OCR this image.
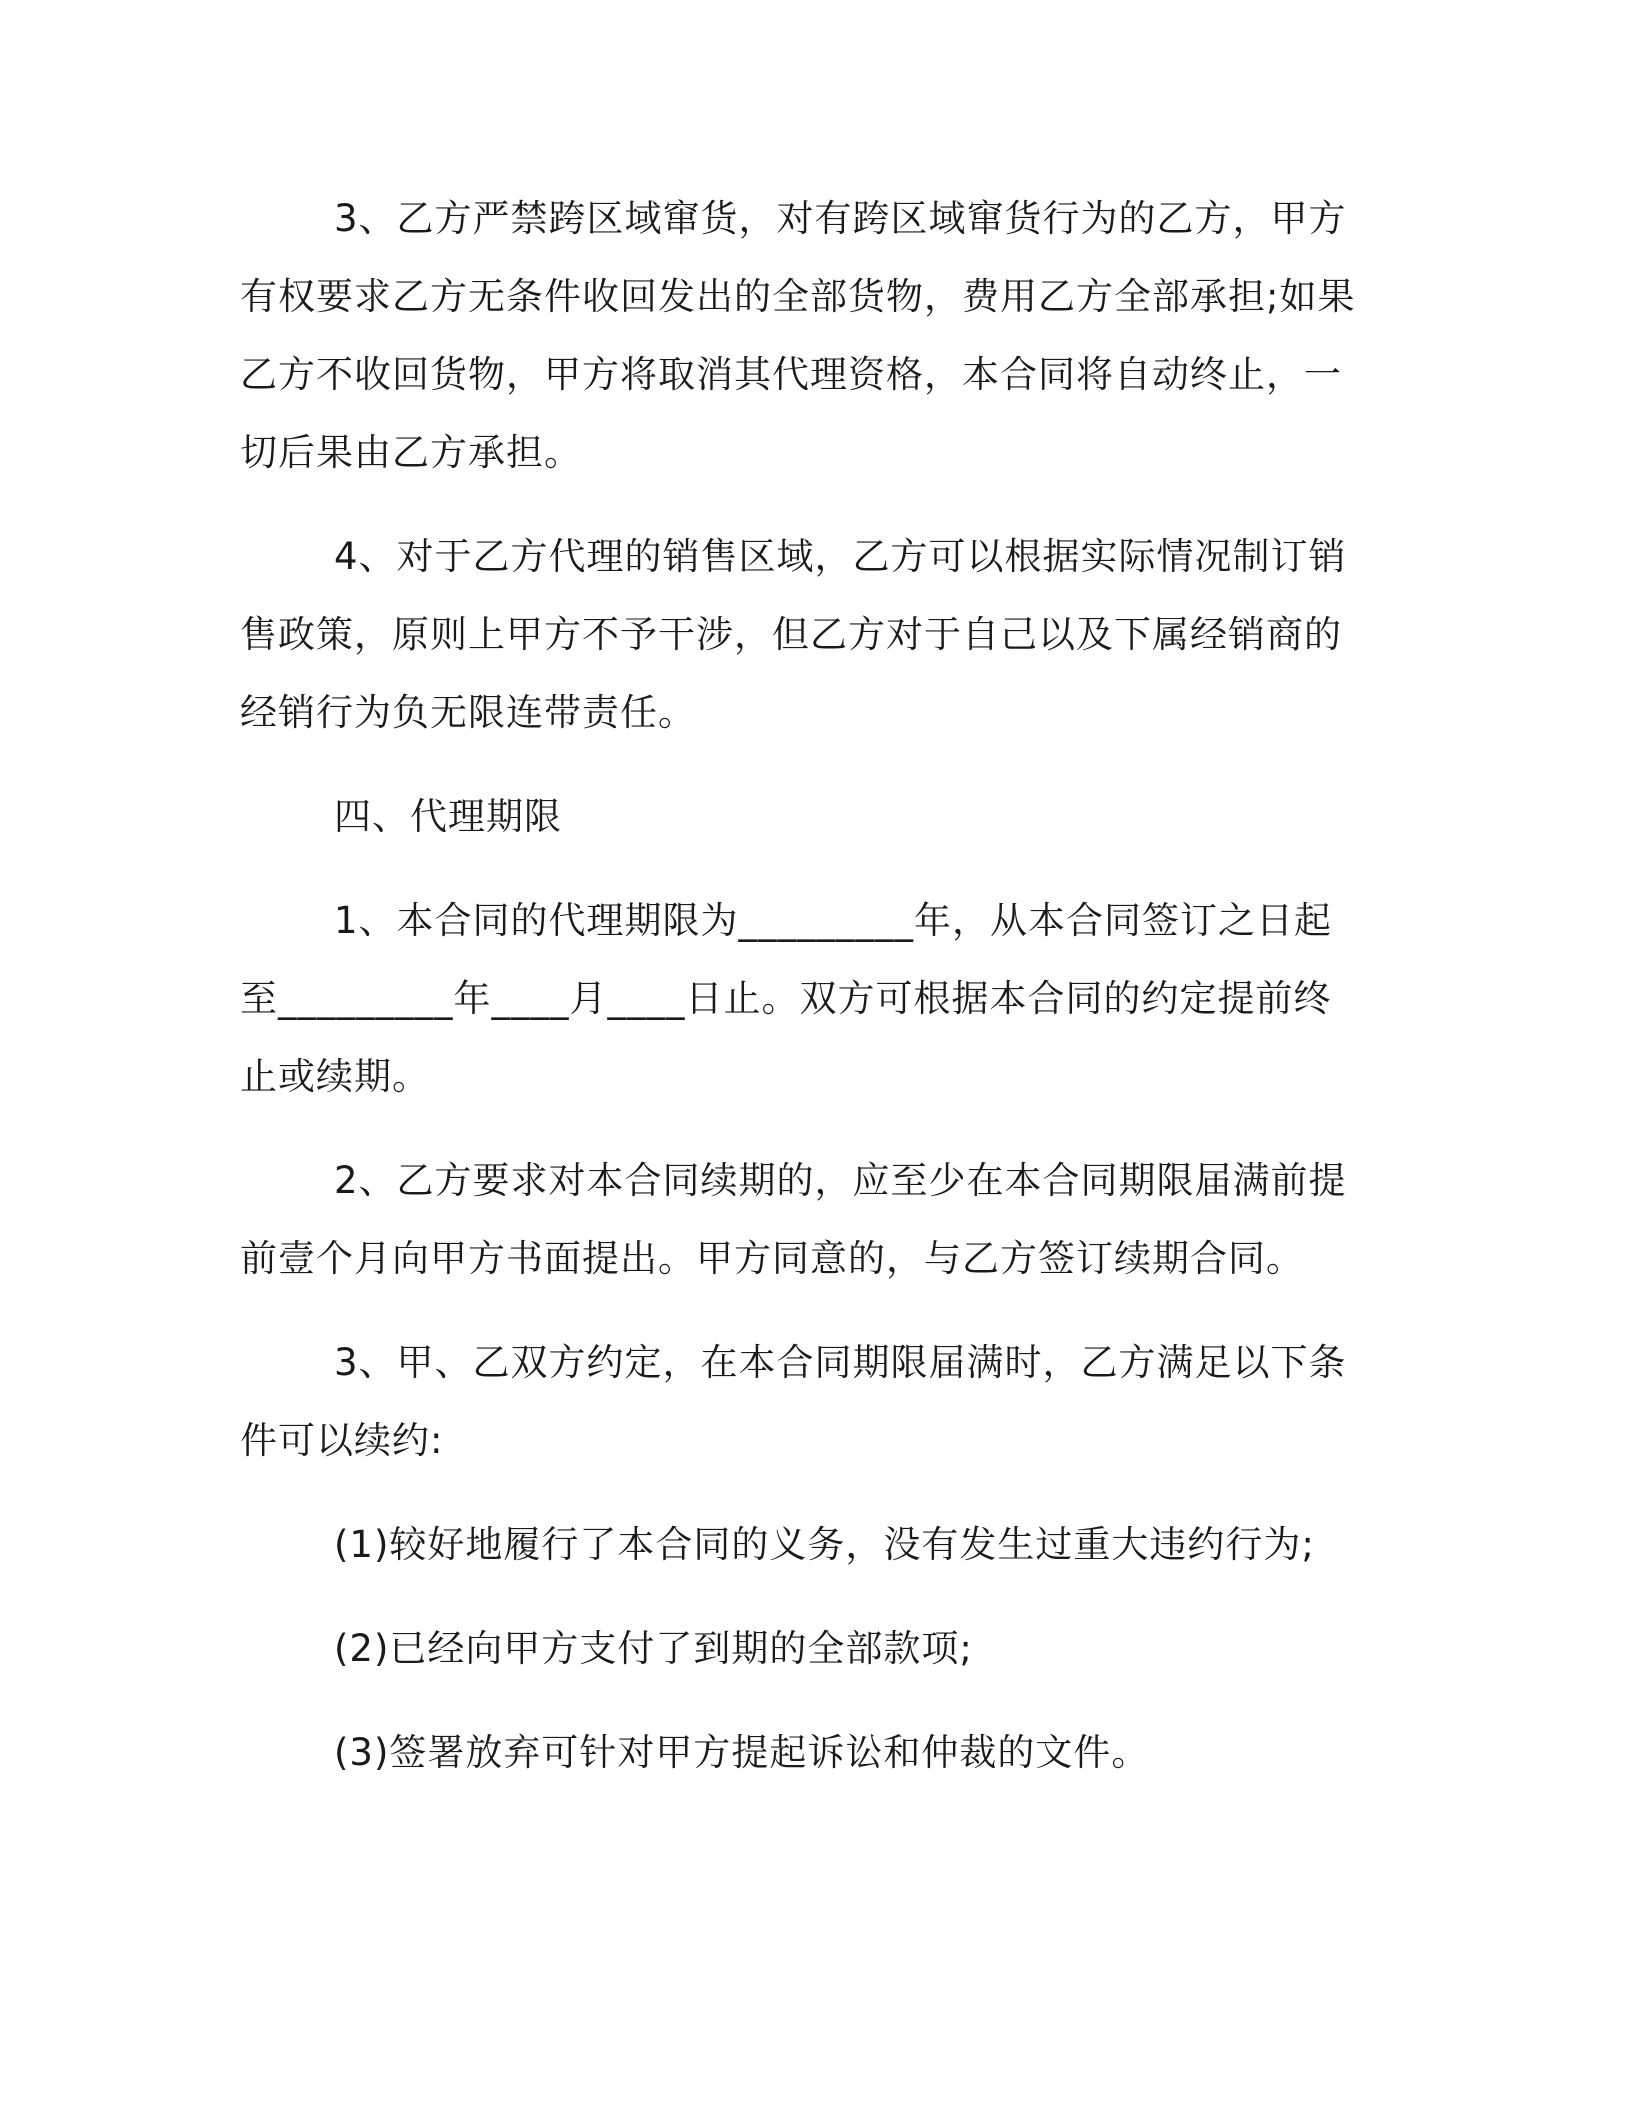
3、乙方严禁跨区域窜货，对有跨区域窜货行为的乙方，甲方有权要求乙方无条件收回发出的全部货物，费用乙方全部承担;如果乙方不收回货物，甲方将取消其代理资格，本合同将自动终止，一切后果由乙方承担。

4、对于乙方代理的销售区域，乙方可以根据实际情况制订销售政策，原则上甲方不予干涉，但乙方对于自己以及下属经销商的经销行为负无限连带责任。

四、代理期限

1、本合同的代理期限为_________年，从本合同签订之日起至_________年____月____日止。双方可根据本合同的约定提前终止或续期。

2、乙方要求对本合同续期的，应至少在本合同期限届满前提前壹个月向甲方书面提出。甲方同意的，与乙方签订续期合同。

3、甲、乙双方约定，在本合同期限届满时，乙方满足以下条件可以续约:

(1)较好地履行了本合同的义务，没有发生过重大违约行为;

(2)已经向甲方支付了到期的全部款项;

(3)签署放弃可针对甲方提起诉讼和仲裁的文件。
